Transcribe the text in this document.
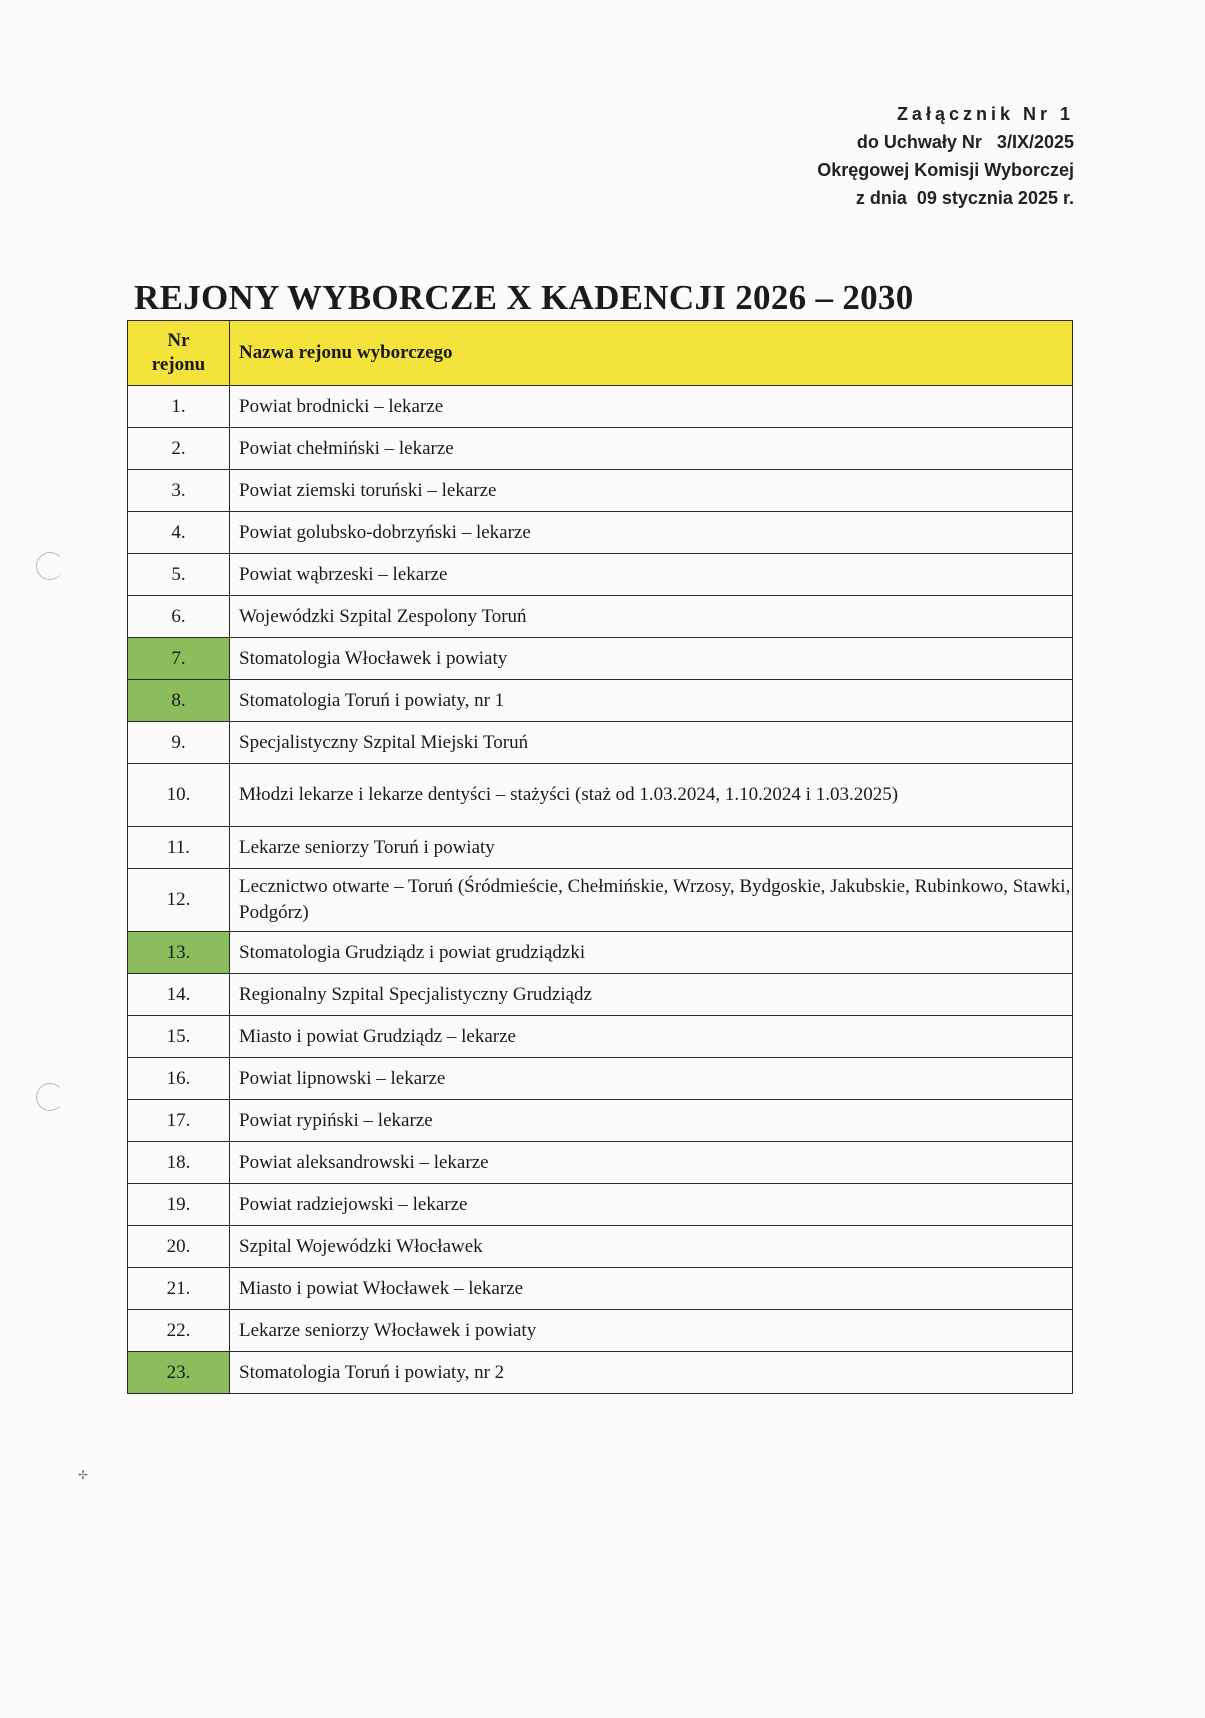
Załącznik Nr 1
do Uchwały Nr   3/IX/2025
Okręgowej Komisji Wyborczej
z dnia  09 stycznia 2025 r.
REJONY WYBORCZE X KADENCJI 2026 – 2030
Nr rejonu	Nazwa rejonu wyborczego
1.	Powiat brodnicki – lekarze
2.	Powiat chełmiński – lekarze
3.	Powiat ziemski toruński – lekarze
4.	Powiat golubsko-dobrzyński – lekarze
5.	Powiat wąbrzeski – lekarze
6.	Wojewódzki Szpital Zespolony Toruń
7.	Stomatologia Włocławek i powiaty
8.	Stomatologia Toruń i powiaty, nr 1
9.	Specjalistyczny Szpital Miejski Toruń
10.	Młodzi lekarze i lekarze dentyści – stażyści (staż od 1.03.2024, 1.10.2024 i 1.03.2025)
11.	Lekarze seniorzy Toruń i powiaty
12.	Lecznictwo otwarte – Toruń (Śródmieście, Chełmińskie, Wrzosy, Bydgoskie, Jakubskie, Rubinkowo, Stawki, Podgórz)
13.	Stomatologia Grudziądz i powiat grudziądzki
14.	Regionalny Szpital Specjalistyczny Grudziądz
15.	Miasto i powiat Grudziądz – lekarze
16.	Powiat lipnowski – lekarze
17.	Powiat rypiński – lekarze
18.	Powiat aleksandrowski – lekarze
19.	Powiat radziejowski – lekarze
20.	Szpital Wojewódzki Włocławek
21.	Miasto i powiat Włocławek – lekarze
22.	Lekarze seniorzy Włocławek i powiaty
23.	Stomatologia Toruń i powiaty, nr 2
✢
